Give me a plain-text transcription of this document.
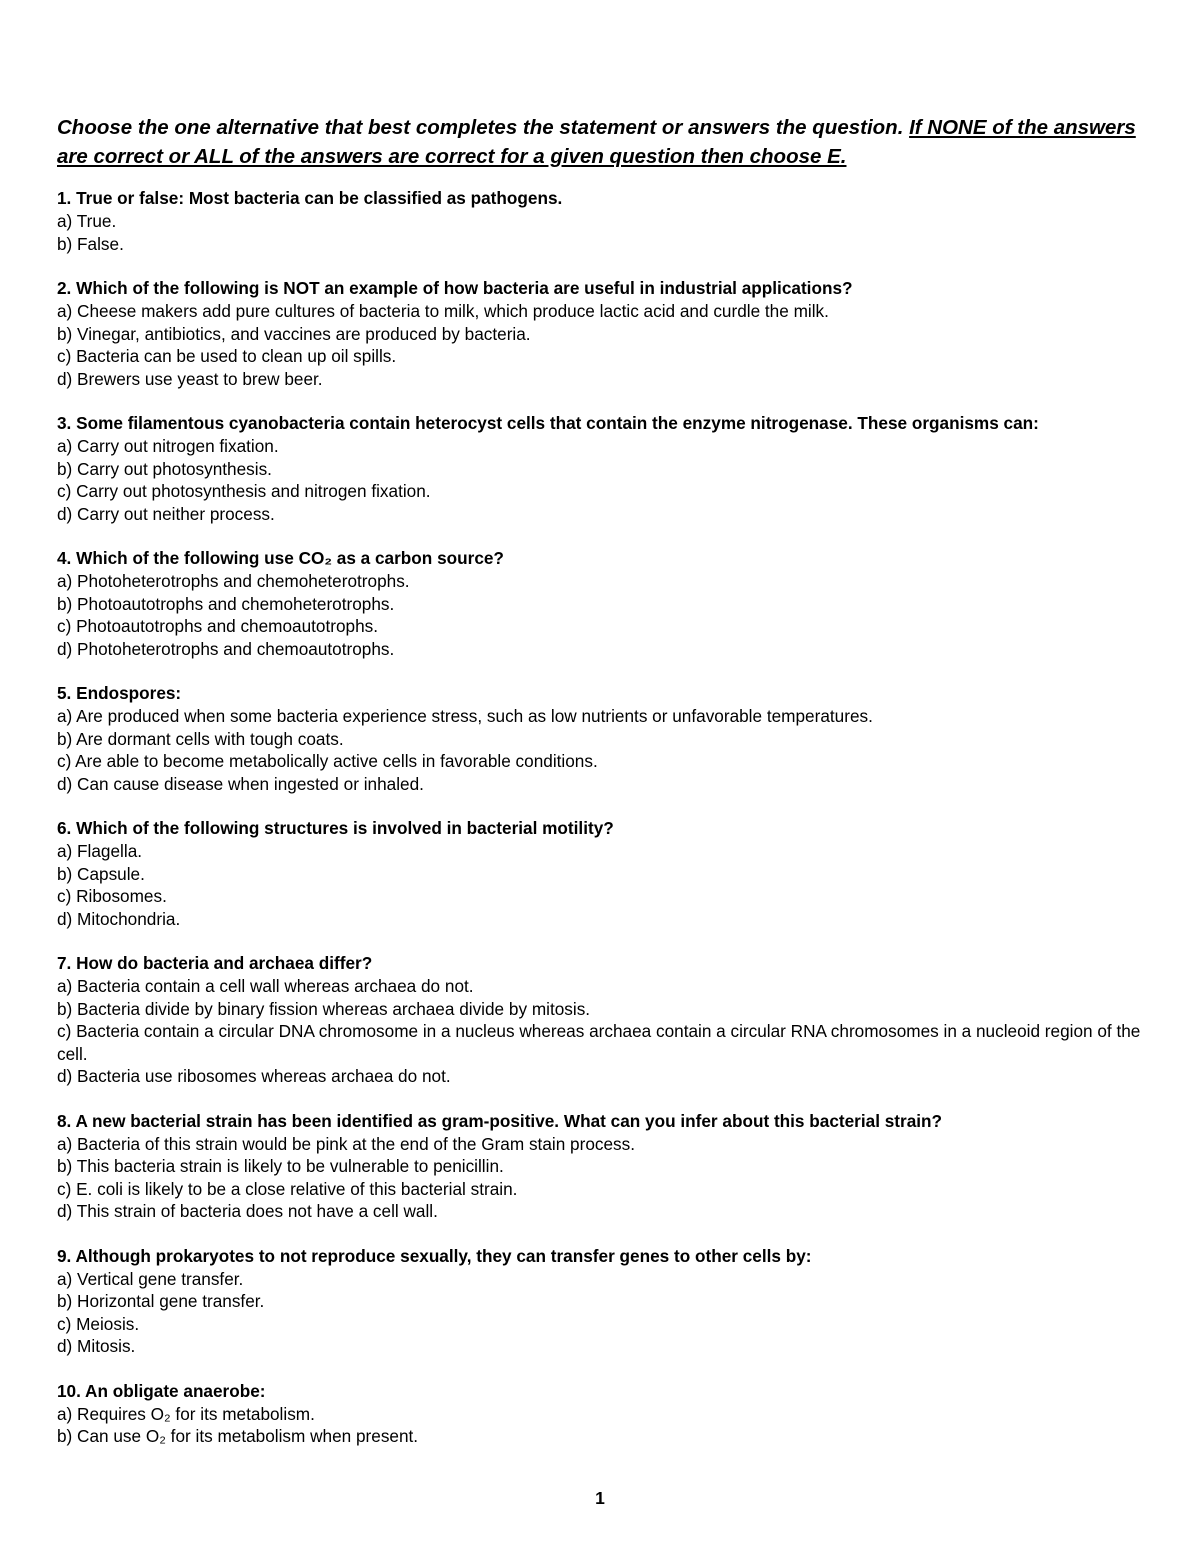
Choose the one alternative that best completes the statement or answers the question. If NONE of the answers are correct or ALL of the answers are correct for a given question then choose E.
1. True or false: Most bacteria can be classified as pathogens.
a) True.
b) False.
2. Which of the following is NOT an example of how bacteria are useful in industrial applications?
a) Cheese makers add pure cultures of bacteria to milk, which produce lactic acid and curdle the milk.
b) Vinegar, antibiotics, and vaccines are produced by bacteria.
c) Bacteria can be used to clean up oil spills.
d) Brewers use yeast to brew beer.
3. Some filamentous cyanobacteria contain heterocyst cells that contain the enzyme nitrogenase. These organisms can:
a) Carry out nitrogen fixation.
b) Carry out photosynthesis.
c) Carry out photosynthesis and nitrogen fixation.
d) Carry out neither process.
4. Which of the following use CO₂ as a carbon source?
a) Photoheterotrophs and chemoheterotrophs.
b) Photoautotrophs and chemoheterotrophs.
c) Photoautotrophs and chemoautotrophs.
d) Photoheterotrophs and chemoautotrophs.
5. Endospores:
a) Are produced when some bacteria experience stress, such as low nutrients or unfavorable temperatures.
b) Are dormant cells with tough coats.
c) Are able to become metabolically active cells in favorable conditions.
d) Can cause disease when ingested or inhaled.
6. Which of the following structures is involved in bacterial motility?
a) Flagella.
b) Capsule.
c) Ribosomes.
d) Mitochondria.
7. How do bacteria and archaea differ?
a) Bacteria contain a cell wall whereas archaea do not.
b) Bacteria divide by binary fission whereas archaea divide by mitosis.
c) Bacteria contain a circular DNA chromosome in a nucleus whereas archaea contain a circular RNA chromosomes in a nucleoid region of the cell.
d) Bacteria use ribosomes whereas archaea do not.
8. A new bacterial strain has been identified as gram-positive. What can you infer about this bacterial strain?
a) Bacteria of this strain would be pink at the end of the Gram stain process.
b) This bacteria strain is likely to be vulnerable to penicillin.
c) E. coli is likely to be a close relative of this bacterial strain.
d) This strain of bacteria does not have a cell wall.
9. Although prokaryotes to not reproduce sexually, they can transfer genes to other cells by:
a) Vertical gene transfer.
b) Horizontal gene transfer.
c) Meiosis.
d) Mitosis.
10. An obligate anaerobe:
a) Requires O₂ for its metabolism.
b) Can use O₂ for its metabolism when present.
1
